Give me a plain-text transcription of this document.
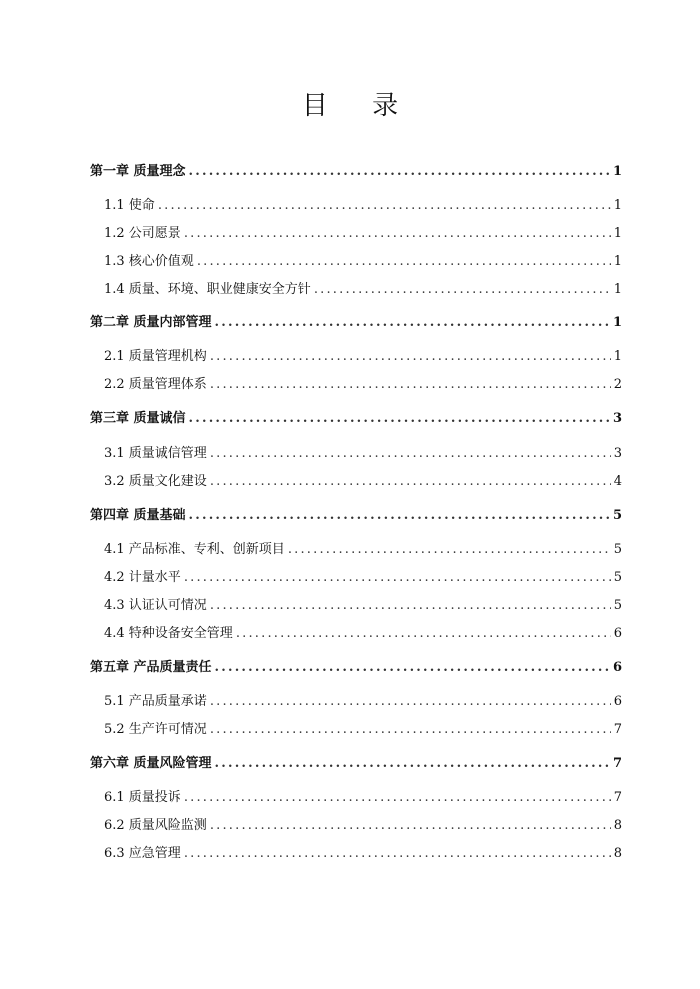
目 录
第一章 质量理念 .....	1
1.1 使命 .....	1
1.2 公司愿景 .....	1
1.3 核心价值观 .....	1
1.4 质量、环境、职业健康安全方针 .....	1
第二章 质量内部管理 .....	1
2.1 质量管理机构 .....	1
2.2 质量管理体系 .....	2
第三章 质量诚信 .....	3
3.1 质量诚信管理 .....	3
3.2 质量文化建设 .....	4
第四章 质量基础 .....	5
4.1 产品标准、专利、创新项目 .....	5
4.2 计量水平 .....	5
4.3 认证认可情况 .....	5
4.4 特种设备安全管理 .....	6
第五章 产品质量责任 .....	6
5.1 产品质量承诺 .....	6
5.2 生产许可情况 .....	7
第六章 质量风险管理 .....	7
6.1 质量投诉 .....	7
6.2 质量风险监测 .....	8
6.3 应急管理 .....	8
